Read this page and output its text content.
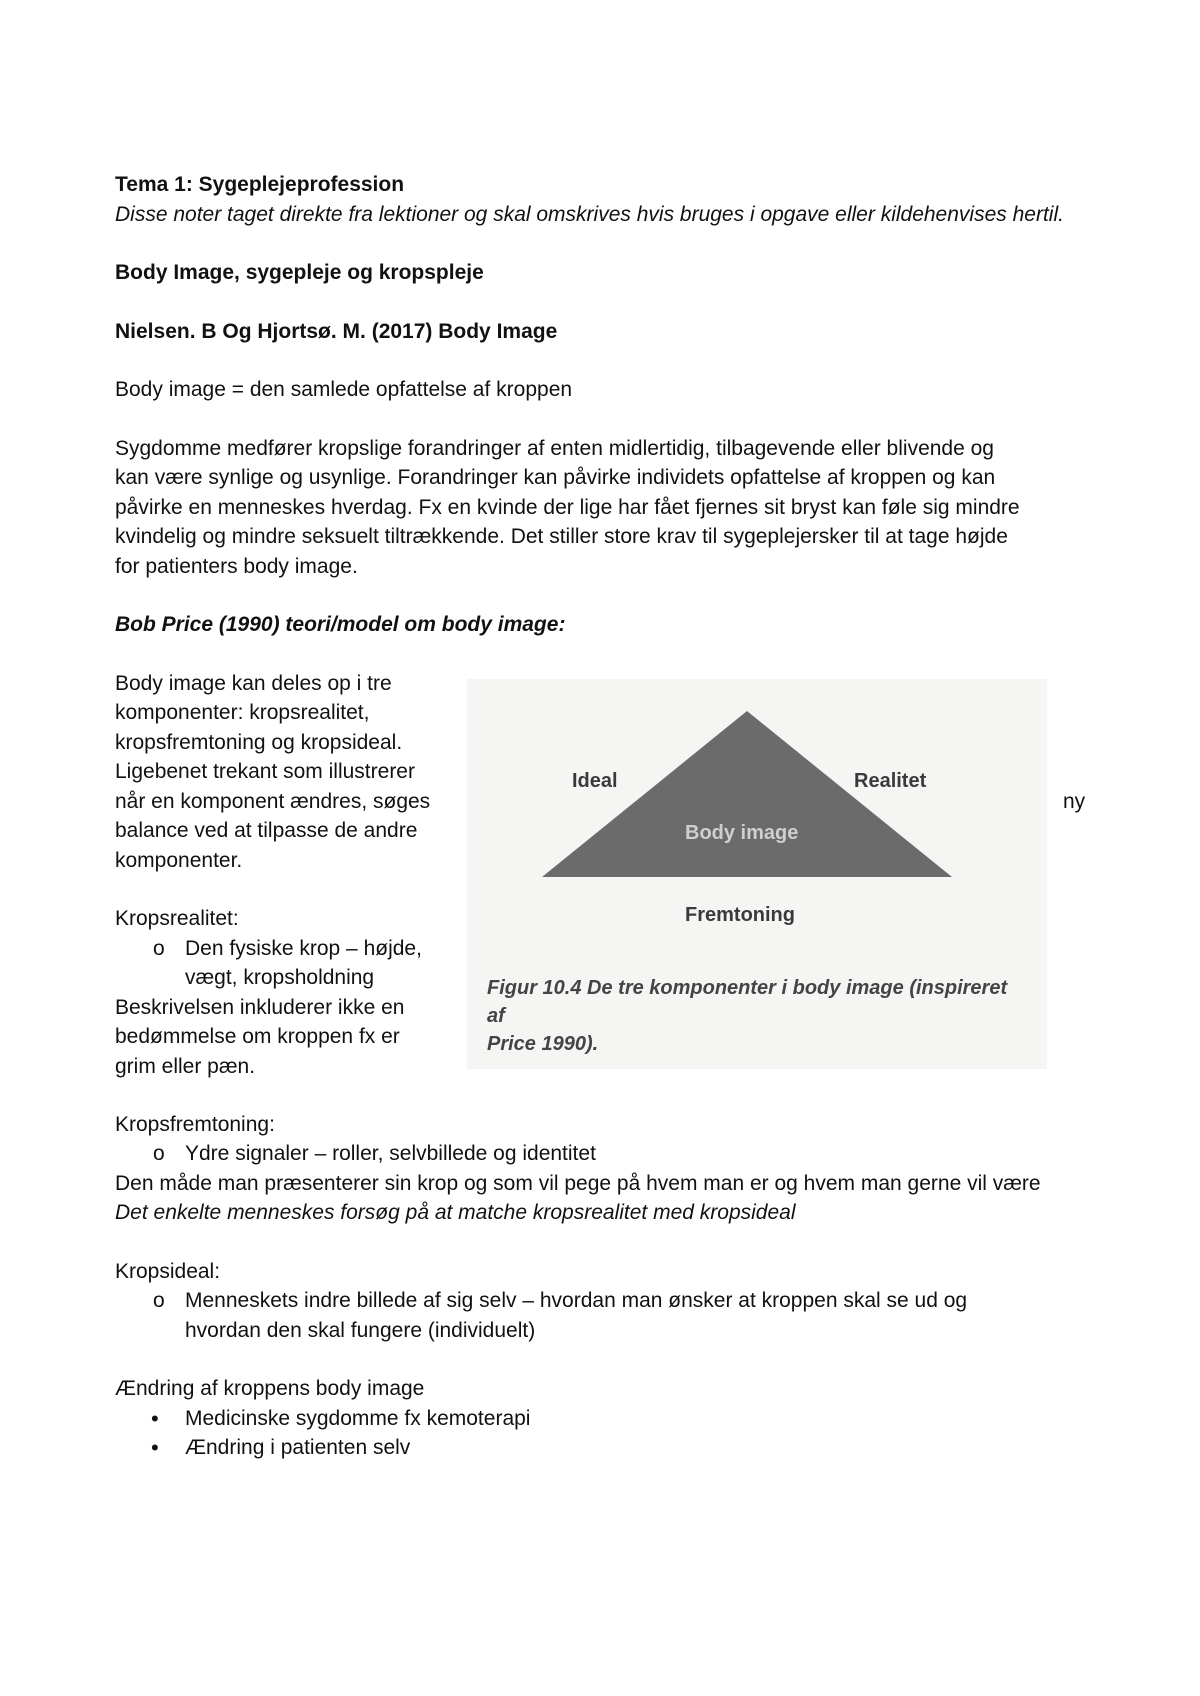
Tema 1: Sygeplejeprofession

Disse noter taget direkte fra lektioner og skal omskrives hvis bruges i opgave eller kildehenvises hertil.

Body Image, sygepleje og kropspleje

Nielsen. B Og Hjortsø. M. (2017) Body Image

Body image = den samlede opfattelse af kroppen

Sygdomme medfører kropslige forandringer af enten midlertidig, tilbagevende eller blivende og

kan være synlige og usynlige. Forandringer kan påvirke individets opfattelse af kroppen og kan

påvirke en menneskes hverdag. Fx en kvinde der lige har fået fjernes sit bryst kan føle sig mindre

kvindelig og mindre seksuelt tiltrækkende. Det stiller store krav til sygeplejersker til at tage højde

for patienters body image.

Bob Price (1990) teori/model om body image:

Body image kan deles op i tre

komponenter: kropsrealitet,

kropsfremtoning og kropsideal.

Ligebenet trekant som illustrerer

når en komponent ændres, søges

balance ved at tilpasse de andre

komponenter.

Kropsrealitet:

o Den fysiske krop – højde,

vægt, kropsholdning

Beskrivelsen inkluderer ikke en

bedømmelse om kroppen fx er

grim eller pæn.

ny
Ideal	Realitet
Body image
Fremtoning

Figur 10.4 De tre komponenter i body image (inspireret af

Price 1990).

Kropsfremtoning:

o Ydre signaler – roller, selvbillede og identitet

Den måde man præsenterer sin krop og som vil pege på hvem man er og hvem man gerne vil være

Det enkelte menneskes forsøg på at matche kropsrealitet med kropsideal

Kropsideal:

o Menneskets indre billede af sig selv – hvordan man ønsker at kroppen skal se ud og

hvordan den skal fungere (individuelt)

Ændring af kroppens body image

• Medicinske sygdomme fx kemoterapi

• Ændring i patienten selv
